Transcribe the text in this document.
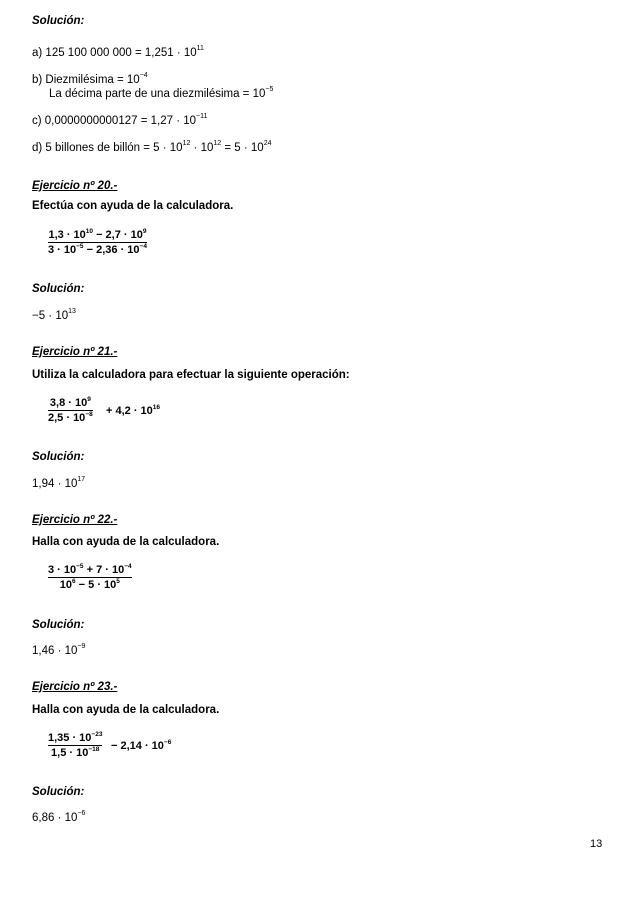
Solución:
a) 125 100 000 $000 = 1,251 \cdot 10^{11}$
b) Diezmilésima = $10^{-4}$
La décima parte de una diezmilésima = $10^{-5}$
c) $0,0000000000127 = 1,27 \cdot 10^{-11}$
d) 5 billones de billón = $5 \cdot 10^{12} \cdot 10^{12} = 5 \cdot 10^{24}$
Ejercicio nº 20.-
Efectúa con ayuda de la calculadora.
$1,3 \cdot 10^{10} - 2,7 \cdot 10^9$
$3 \cdot 10^{-5} - 2,36 \cdot 10^{-4}$
Solución:
$-5 \cdot 10^{13}$
Ejercicio nº 21.-
Utiliza la calculadora para efectuar la siguiente operación:
$3,8 \cdot 10^9$
$2,5 \cdot 10^{-8} + 4,2 \cdot 10^{16}$
Solución:
$1,94 \cdot 10^{17}$
Ejercicio nº 22.-
Halla con ayuda de la calculadora.
$3 \cdot 10^{-5} + 7 \cdot 10^{-4}$
$10^6 - 5 \cdot 10^5$
Solución:
$1,46 \cdot 10^{-9}$
Ejercicio nº 23.-
Halla con ayuda de la calculadora.
$1,35 \cdot 10^{-23}$
$1,5 \cdot 10^{-18} - 2,14 \cdot 10^{-6}$
Solución:
$6,86 \cdot 10^{-6}$
13
